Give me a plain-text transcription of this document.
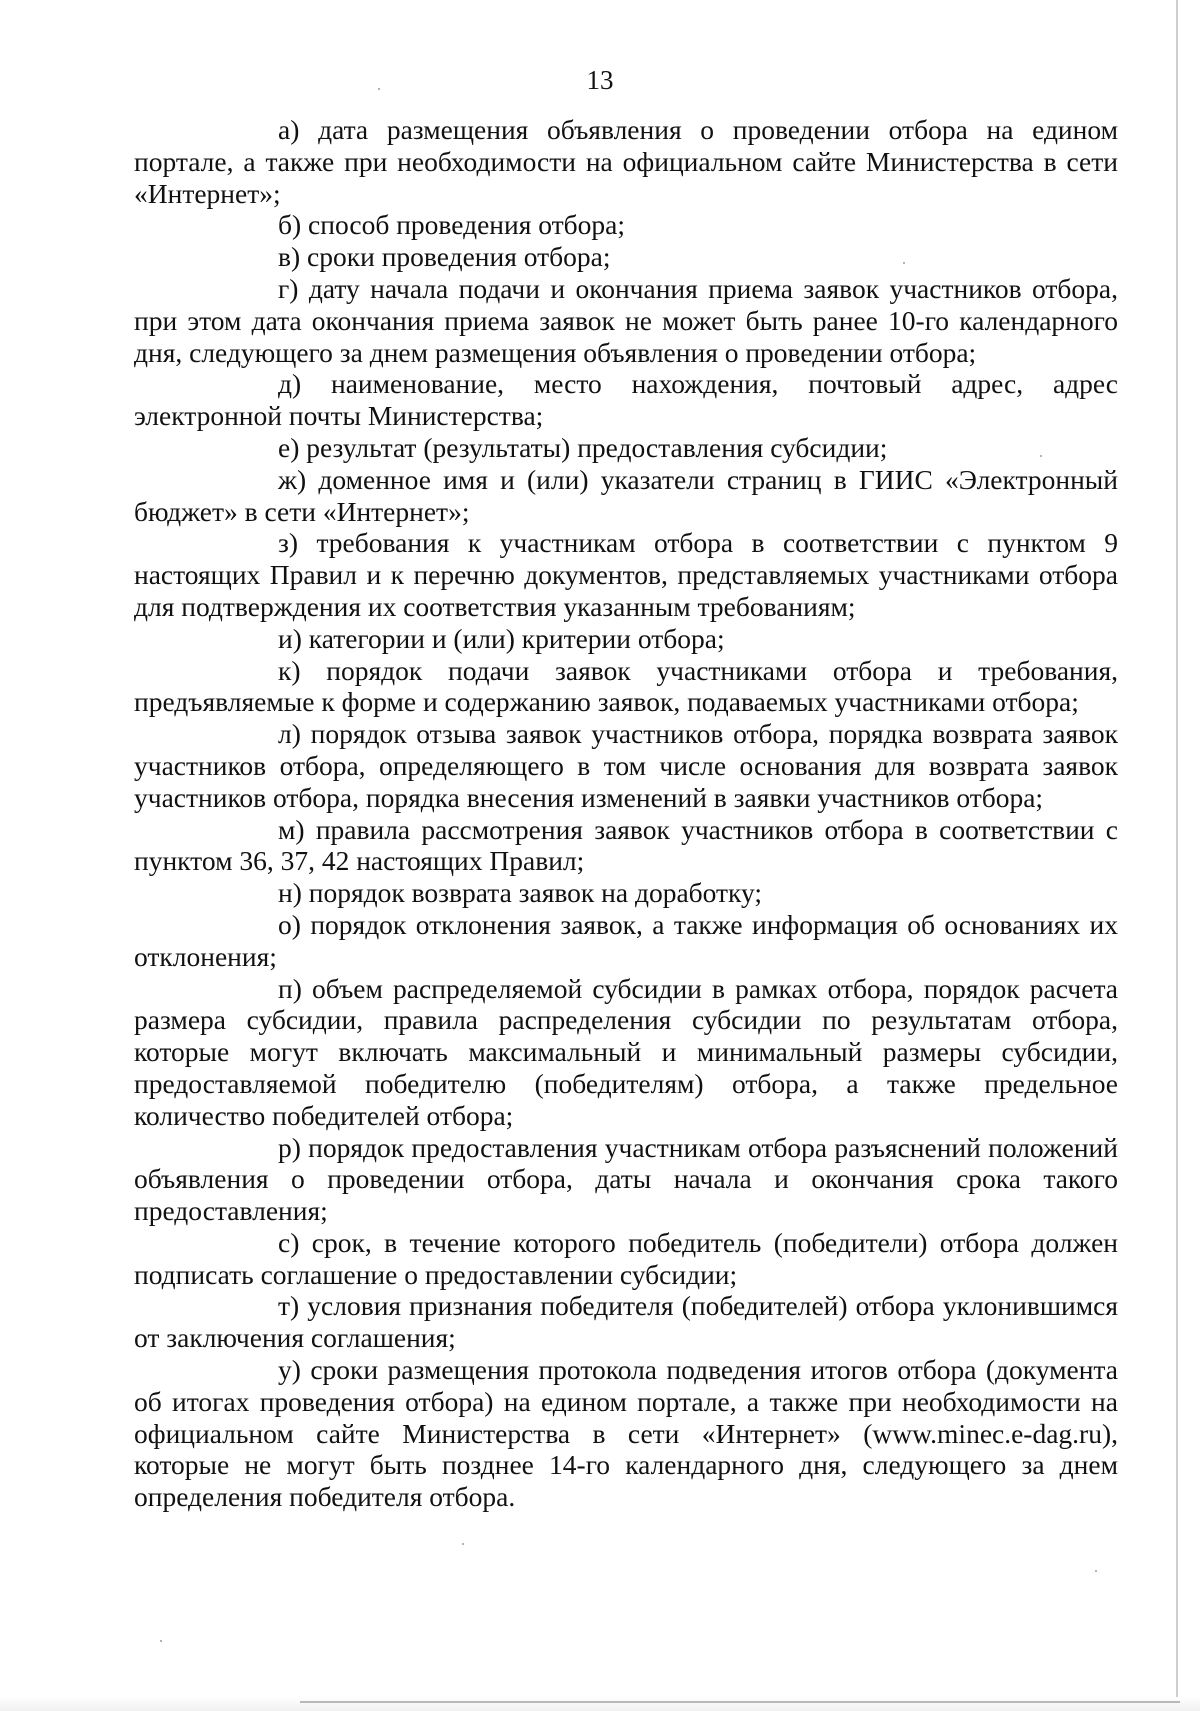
13

а) дата размещения объявления о проведении отбора на едином портале, а также при необходимости на официальном сайте Министерства в сети «Интернет»;

б) способ проведения отбора;

в) сроки проведения отбора;

г) дату начала подачи и окончания приема заявок участников отбора, при этом дата окончания приема заявок не может быть ранее 10-го календарного дня, следующего за днем размещения объявления о проведении отбора;

д) наименование, место нахождения, почтовый адрес, адрес электронной почты Министерства;

е) результат (результаты) предоставления субсидии;

ж) доменное имя и (или) указатели страниц в ГИИС «Электронный бюджет» в сети «Интернет»;

з) требования к участникам отбора в соответствии с пунктом 9 настоящих Правил и к перечню документов, представляемых участниками отбора для подтверждения их соответствия указанным требованиям;

и) категории и (или) критерии отбора;

к) порядок подачи заявок участниками отбора и требования, предъявляемые к форме и содержанию заявок, подаваемых участниками отбора;

л) порядок отзыва заявок участников отбора, порядка возврата заявок участников отбора, определяющего в том числе основания для возврата заявок участников отбора, порядка внесения изменений в заявки участников отбора;

м) правила рассмотрения заявок участников отбора в соответствии с пунктом 36, 37, 42 настоящих Правил;

н) порядок возврата заявок на доработку;

о) порядок отклонения заявок, а также информация об основаниях их отклонения;

п) объем распределяемой субсидии в рамках отбора, порядок расчета размера субсидии, правила распределения субсидии по результатам отбора, которые могут включать максимальный и минимальный размеры субсидии, предоставляемой победителю (победителям) отбора, а также предельное количество победителей отбора;

р) порядок предоставления участникам отбора разъяснений положений объявления о проведении отбора, даты начала и окончания срока такого предоставления;

с) срок, в течение которого победитель (победители) отбора должен подписать соглашение о предоставлении субсидии;

т) условия признания победителя (победителей) отбора уклонившимся от заключения соглашения;

у) сроки размещения протокола подведения итогов отбора (документа об итогах проведения отбора) на едином портале, а также при необходимости на официальном сайте Министерства в сети «Интернет» (www.minec.e-dag.ru), которые не могут быть позднее 14-го календарного дня, следующего за днем определения победителя отбора.
